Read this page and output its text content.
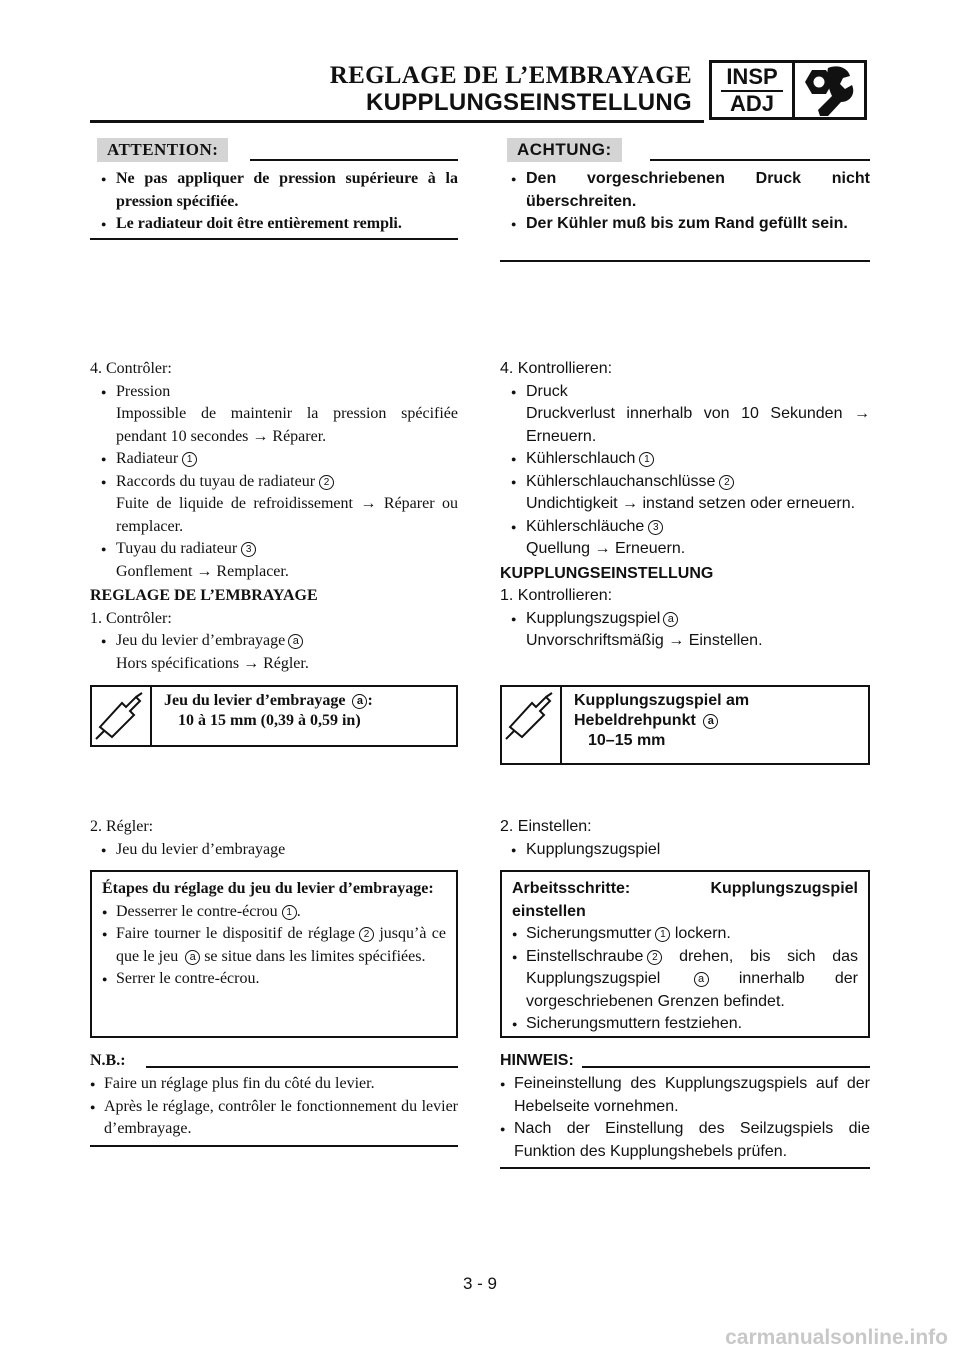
REGLAGE DE L’EMBRAYAGE
KUPPLUNGSEINSTELLUNG
INSP
ADJ
ATTENTION:
● Ne pas appliquer de pression supérieure à la pression spécifiée.
● Le radiateur doit être entièrement rempli.
4. Contrôler:
● Pression
Impossible de maintenir la pression spécifiée pendant 10 secondes → Réparer.
● Radiateur 1
● Raccords du tuyau de radiateur 2
Fuite de liquide de refroidissement → Réparer ou remplacer.
● Tuyau du radiateur 3
Gonflement → Remplacer.
REGLAGE DE L’EMBRAYAGE
1. Contrôler:
● Jeu du levier d’embrayage a
Hors spécifications → Régler.
Jeu du levier d’embrayage a :
10 à 15 mm (0,39 à 0,59 in)
2. Régler:
● Jeu du levier d’embrayage
Étapes du réglage du jeu du levier d’embrayage:
● Desserrer le contre-écrou 1 .
● Faire tourner le dispositif de réglage 2 jusqu’à ce que le jeu a se situe dans les limites spécifiées.
● Serrer le contre-écrou.
N.B.:
● Faire un réglage plus fin du côté du levier.
● Après le réglage, contrôler le fonctionnement du levier d’embrayage.
ACHTUNG:
● Den vorgeschriebenen Druck nicht überschreiten.
● Der Kühler muß bis zum Rand gefüllt sein.
4. Kontrollieren:
● Druck
Druckverlust innerhalb von 10 Sekunden → Erneuern.
● Kühlerschlauch 1
● Kühlerschlauchanschlüsse 2
Undichtigkeit → instand setzen oder erneuern.
● Kühlerschläuche 3
Quellung → Erneuern.
KUPPLUNGSEINSTELLUNG
1. Kontrollieren:
● Kupplungszugspiel a
Unvorschriftsmäßig → Einstellen.
Kupplungszugspiel am
Hebeldrehpunkt a
10–15 mm
2. Einstellen:
● Kupplungszugspiel
Arbeitsschritte: Kupplungszugspiel einstellen
● Sicherungsmutter 1 lockern.
● Einstellschraube 2 drehen, bis sich das Kupplungszugspiel	a innerhalb der vorgeschriebenen Grenzen befindet.
● Sicherungsmuttern festziehen.
HINWEIS:
● Feineinstellung des Kupplungszugspiels auf der Hebelseite vornehmen.
● Nach der Einstellung des Seilzugspiels die Funktion des Kupplungshebels prüfen.
3 - 9
carmanualsonline.info
